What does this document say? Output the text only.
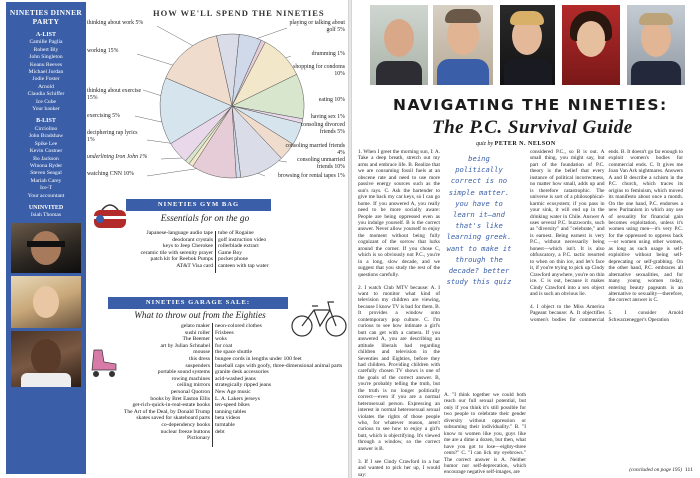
NINETIES DINNER PARTY
A-LIST
Camille Paglia
Robert Bly
John Singleton
Keanu Reeves
Michael Jordan
Jodie Foster
Arnold
Claudia Schiffer
Ice Cube
Your banker
B-LIST
Circiolino
John Bradshaw
Spike Lee
Kevin Costner
Bo Jackson
Winona Ryder
Steven Seagal
Mariah Carey
Ice-T
Your accountant
UNINVITED
Isiah Thomas
HOW WE'LL SPEND THE NINETIES
thinking about work 5%
working 15%
thinking about exercise 15%
exercising 5%
deciphering rap lyrics 1%
underlining Iron John 1%
watching CNN 10%
playing or talking about golf 5%
drumming 1%
shopping for condoms 10%
eating 10%
having sex 1%
consoling divorced friends 5%
consoling married friends 4%
consoling unmarried friends 10%
browsing for rental tapes 1%
NINETIES GYM BAG
Essentials for on the go
Japanese-language audio tape
deodorant crystals
keys to Jeep Cherokee
ceramic tile with serenity prayer
patch kit for Reebok Pumps
AT&T Visa card
tube of Rogaine
golf instruction video
rollerblade extract
Game Boy
pocket phone
canteen with tap water
NINETIES GARAGE SALE:
What to throw out from the Eighties
gelato maker
sushi roller
The Beemer
art by Julian Schnabel
mousse
this dress
suspenders
portable sound systems
rowing machines
ceiling mirrors
personal Quotron
books by Bret Easton Ellis
get-rich-quick-in-real-estate books
The Art of the Deal, by Donald Trump
skates saved for skateboard parts
co-dependency books
nuclear freeze buttons
Pictionary
neon-colored clothes
Frisbees
woks
fur coat
the space shuttle
bungee cords in lengths under 100 feet
baseball caps with goofy, three-dimensional animal parts
granite desk accessories
acid-washed jeans
strategically ripped jeans
New Age music
L. A. Lakers jerseys
ten-speed bikes
tanning tables
beta videos
turntable
debt
NAVIGATING THE NINETIES:
The P.C. Survival Guide
quiz by PETER N. NELSON
1. When I greet the morning sun, I: A. Take a deep breath, stretch out my arms and embrace life. B. Realize that we are consuming fossil fuels at an obscene rate and need to use more passive energy sources such as the sun's rays. C. Ask the bartender to give me back my car keys, so I can go home. If you answered A, you really need to be more socially aware: People are being oppressed even as you indulge yourself. B is the correct answer. Never allow yourself to enjoy the moment without being fully cognizant of the sorrow that lurks around the corner. If you chose C, which is so obviously not P.C., you're in a long, slow decade, and we suggest that you study the rest of the questions carefully.

2. I watch Club MTV because: A. I want to monitor what kind of television my children are viewing, because I know TV is bad for them. B. It provides a window onto contemporary pop culture. C. I'm curious to see how intimate a girl's butt can get with a camera. If you answered A, you are describing an attitude liberals had regarding children and television in the Seventies and Eighties, before they had children. Providing children with carefully chosen TV shows is one of the goals of the correct answer. B, you're probably telling the truth, but the truth is no longer politically correct—even if you are a normal heterosexual person. Expressing an interest in normal heterosexual sexual violates the rights of those people who, for whatever reason, aren't curious to see how to enjoy a girl's butt, which is objectifying. It's viewed through a window, so the correct answer is B.

3. If I see Cindy Crawford in a bar and wanted to pick her up, I would say:
being politically correct is no simple matter. you have to learn it—and that's like learning greek. want to make it through the decade? better study this quiz
A. "I think together we could both reach our full sexual potential, but only if you think it's still possible for two people to celebrate their gender diversity without oppression or subsuming their individuality." B. "I know to women like you, guys like me are a dime a dozen, but then, what have you got to lose—eighty-three cents?" C. "I can lick my eyebrows." The correct answer is A. Neither humor nor self-deprecation, which encourage negative self-images, are
considered P.C., so B is out. A small thing, you might say, but part of the foundation of P.C. theory is the belief that every instance of political incorrectness, no matter how small, adds up and is therefore catastrophic. The universe is sort of a philosophical-karmic ecosystem; if you pass in your sink, it will end up in the drinking water in Chile. Answer A uses several P.C. buzzwords, such as "diversity" and "celebrate," and is earnest. Being earnest is very P.C., without necessarily being honest—which isn't. It is also obfuscatory, a P.C. tactic resorted to when on thin ice, and let's face it, if you're trying to pick up Cindy Crawford anywhere, you're on thin ice. C is out, because it makes Cindy Crawford into a sex object and is such an obvious lie.

4. I object to the Miss America Pageant because: A. It objectifies women's bodies for commercial ends. B. It doesn't go far enough to exploit women's bodies for commercial ends. C. It gives me Joan Van Ark nightmares. Answers A and B describe a schism in the P.C. church, which traces its origins to feminism, which moved its manifesto about once a month. On the one hand, P.C. endorses a new Puritanism in which any use of sexuality for financial gain becomes exploitation, unless it's women using men—it's very P.C. for the oppressed to oppress back—or women using other women, as long as such usage is self-exploitive without being self-deprecating or self-grabbing. On the other hand, P.C. embraces all alternative sexualities, and for many young women today, entering beauty pageants is an alternative to sexuality—therefore, the correct answer is C.

5. I consider Arnold Schwarzenegger's Operation
(concluded on page 195) 111
